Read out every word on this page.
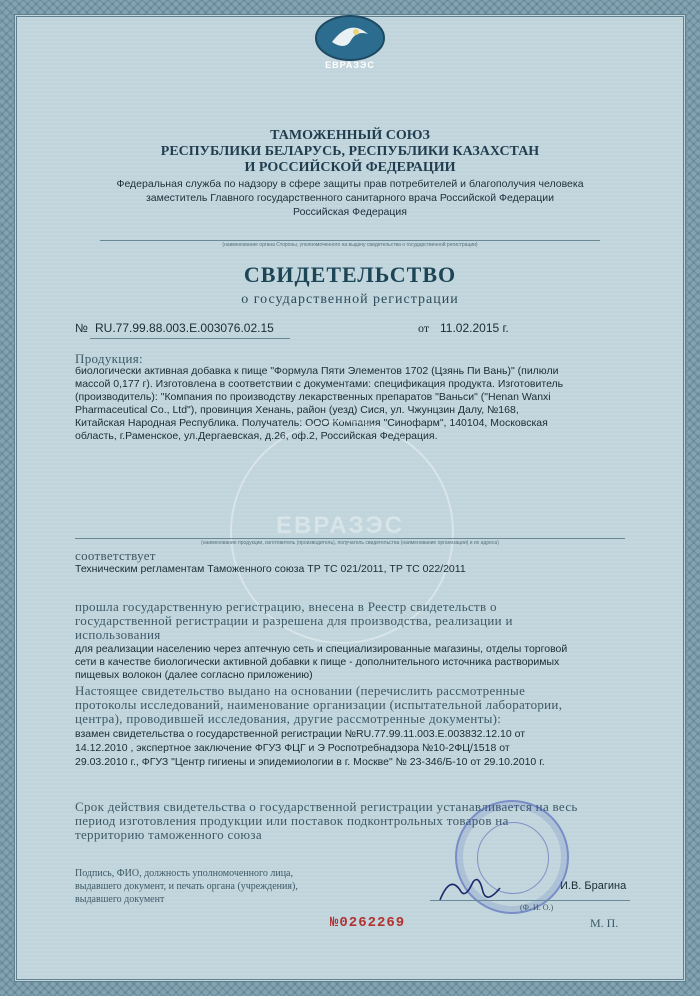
ЕВРАЗЭС
ТАМОЖЕННЫЙ СОЮЗ
РЕСПУБЛИКИ БЕЛАРУСЬ, РЕСПУБЛИКИ КАЗАХСТАН
И РОССИЙСКОЙ ФЕДЕРАЦИИ
Федеральная служба по надзору в сфере защиты прав потребителей и благополучия человека
заместитель Главного государственного санитарного врача Российской Федерации
Российская Федерация
(наименование органа Стороны, уполномоченного на выдачу свидетельства о государственной регистрации)
СВИДЕТЕЛЬСТВО
о государственной регистрации
№ RU.77.99.88.003.Е.003076.02.15	от 11.02.2015 г.
Продукция:
биологически активная добавка к пище "Формула Пяти Элементов 1702 (Цзянь Пи Вань)" (пилюли
массой 0,177 г). Изготовлена в соответствии с документами: спецификация продукта. Изготовитель
(производитель): "Компания по производству лекарственных препаратов "Ваньси" ("Henan Wanxi
Pharmaceutical Co., Ltd"), провинция Хенань, район (уезд) Сися, ул. Чжунцзин Далу, №168,
Китайская Народная Республика. Получатель: ООО Компания "Синофарм", 140104, Московская
область, г.Раменское, ул.Дергаевская, д.26, оф.2, Российская Федерация.
ЕВРАЗЭС
(наименование продукции, изготовитель (производитель), получатель свидетельства (наименование организации) и их адреса)
соответствует
Техническим регламентам Таможенного союза ТР ТС 021/2011, ТР ТС 022/2011
прошла государственную регистрацию, внесена в Реестр свидетельств о
государственной регистрации и разрешена для производства, реализации и
использования
для реализации населению через аптечную сеть и специализированные магазины, отделы торговой
сети в качестве биологически активной добавки к пище - дополнительного источника растворимых
пищевых волокон (далее согласно приложению)
Настоящее свидетельство выдано на основании (перечислить рассмотренные
протоколы исследований, наименование организации (испытательной лаборатории,
центра), проводившей исследования, другие рассмотренные документы):
взамен свидетельства о государственной регистрации №RU.77.99.11.003.Е.003832.12.10 от
14.12.2010 , экспертное заключение ФГУЗ ФЦГ и Э Роспотребнадзора №10-2ФЦ/1518 от
29.03.2010 г., ФГУЗ "Центр гигиены и эпидемиологии в г. Москве" № 23-346/Б-10 от 29.10.2010 г.
Срок действия свидетельства о государственной регистрации устанавливается на весь
период изготовления продукции или поставок подконтрольных товаров на
территорию таможенного союза
Подпись, ФИО, должность уполномоченного лица,
выдавшего документ, и печать органа (учреждения),
выдавшего документ
И.В. Брагина
(Ф. И. О.)
№0262269	М. П.
